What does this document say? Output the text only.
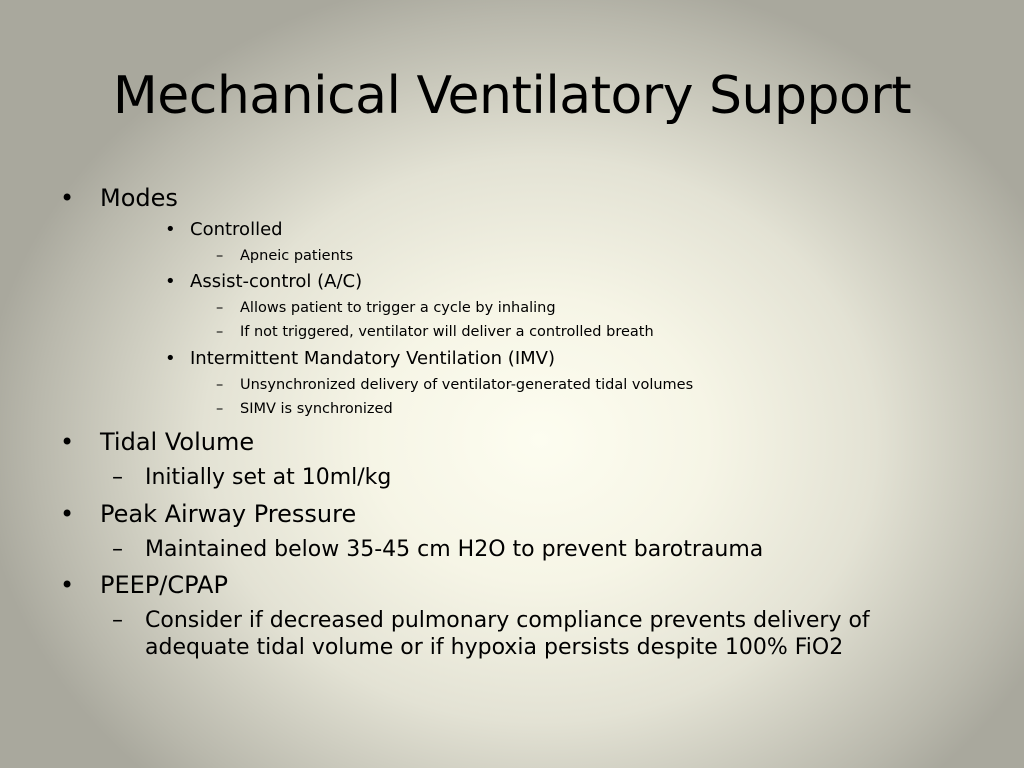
Mechanical Ventilatory Support
• Modes
• Controlled
– Apneic patients
• Assist-control (A/C)
– Allows patient to trigger a cycle by inhaling
– If not triggered, ventilator will deliver a controlled breath
• Intermittent Mandatory Ventilation (IMV)
– Unsynchronized delivery of ventilator-generated tidal volumes
– SIMV is synchronized
• Tidal Volume
– Initially set at 10ml/kg
• Peak Airway Pressure
– Maintained below 35-45 cm H2O to prevent barotrauma
• PEEP/CPAP
– Consider if decreased pulmonary compliance prevents delivery of
adequate tidal volume or if hypoxia persists despite 100% FiO2
